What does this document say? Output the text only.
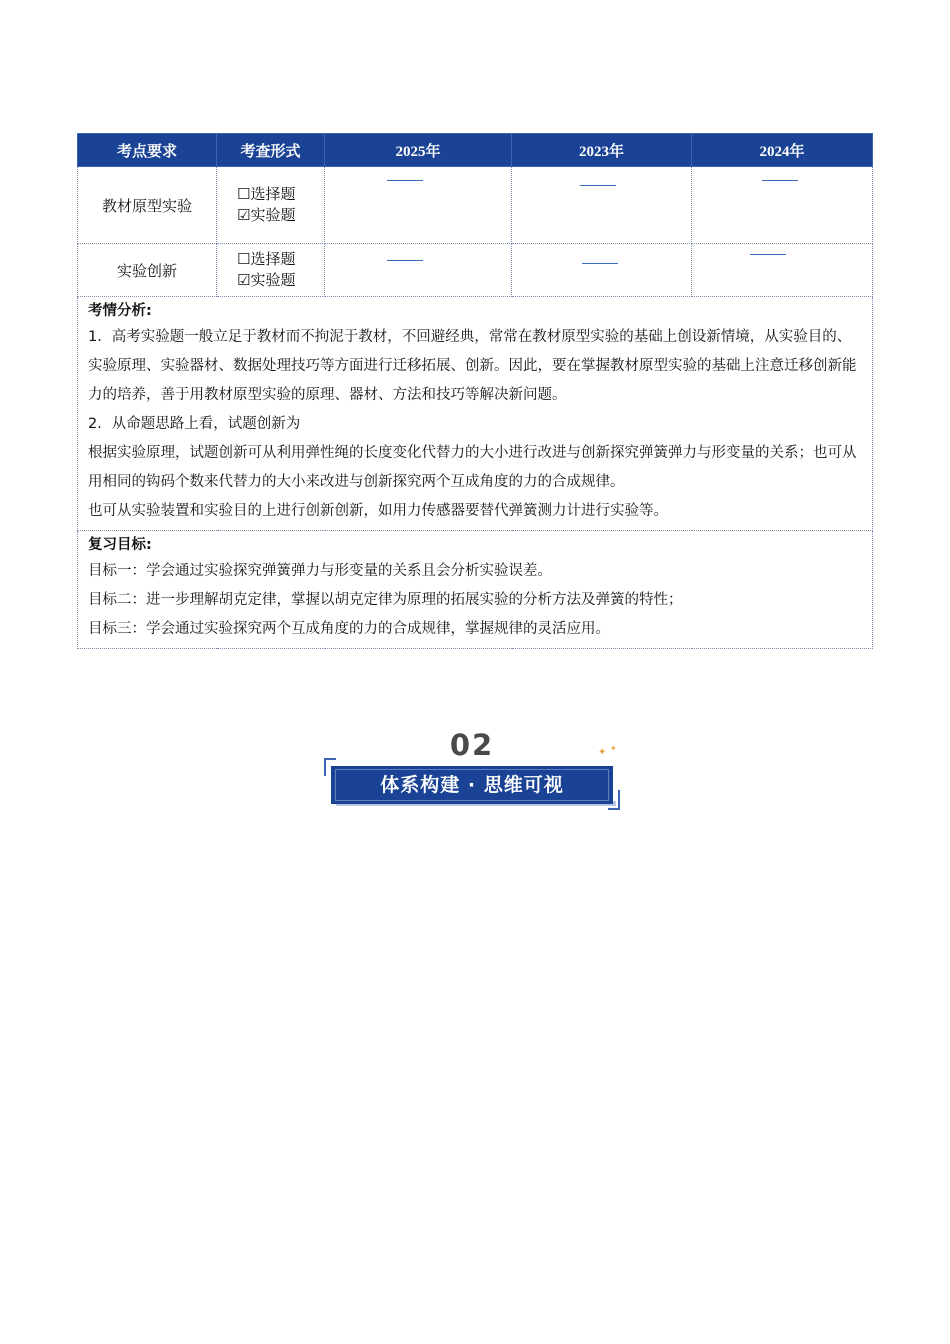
考点要求	考查形式	2025年	2023年	2024年
教材原型实验	☐选择题
☑实验题			

实验创新	☐选择题
☑实验题			

考情分析:

1．高考实验题一般立足于教材而不拘泥于教材，不回避经典，常常在教材原型实验的基础上创设新情境，从实验目的、实验原理、实验器材、数据处理技巧等方面进行迁移拓展、创新。因此，要在掌握教材原型实验的基础上注意迁移创新能力的培养，善于用教材原型实验的原理、器材、方法和技巧等解决新问题。

2．从命题思路上看，试题创新为

根据实验原理，试题创新可从利用弹性绳的长度变化代替力的大小进行改进与创新探究弹簧弹力与形变量的关系；也可从用相同的钩码个数来代替力的大小来改进与创新探究两个互成角度的力的合成规律。

也可从实验装置和实验目的上进行创新创新，如用力传感器要替代弹簧测力计进行实验等。				

复习目标:

目标一：学会通过实验探究弹簧弹力与形变量的关系且会分析实验误差。

目标二：进一步理解胡克定律，掌握以胡克定律为原理的拓展实验的分析方法及弹簧的特性；

目标三：学会通过实验探究两个互成角度的力的合成规律，掌握规律的灵活应用。				

02	✦ ✦
体系构建 · 思维可视
